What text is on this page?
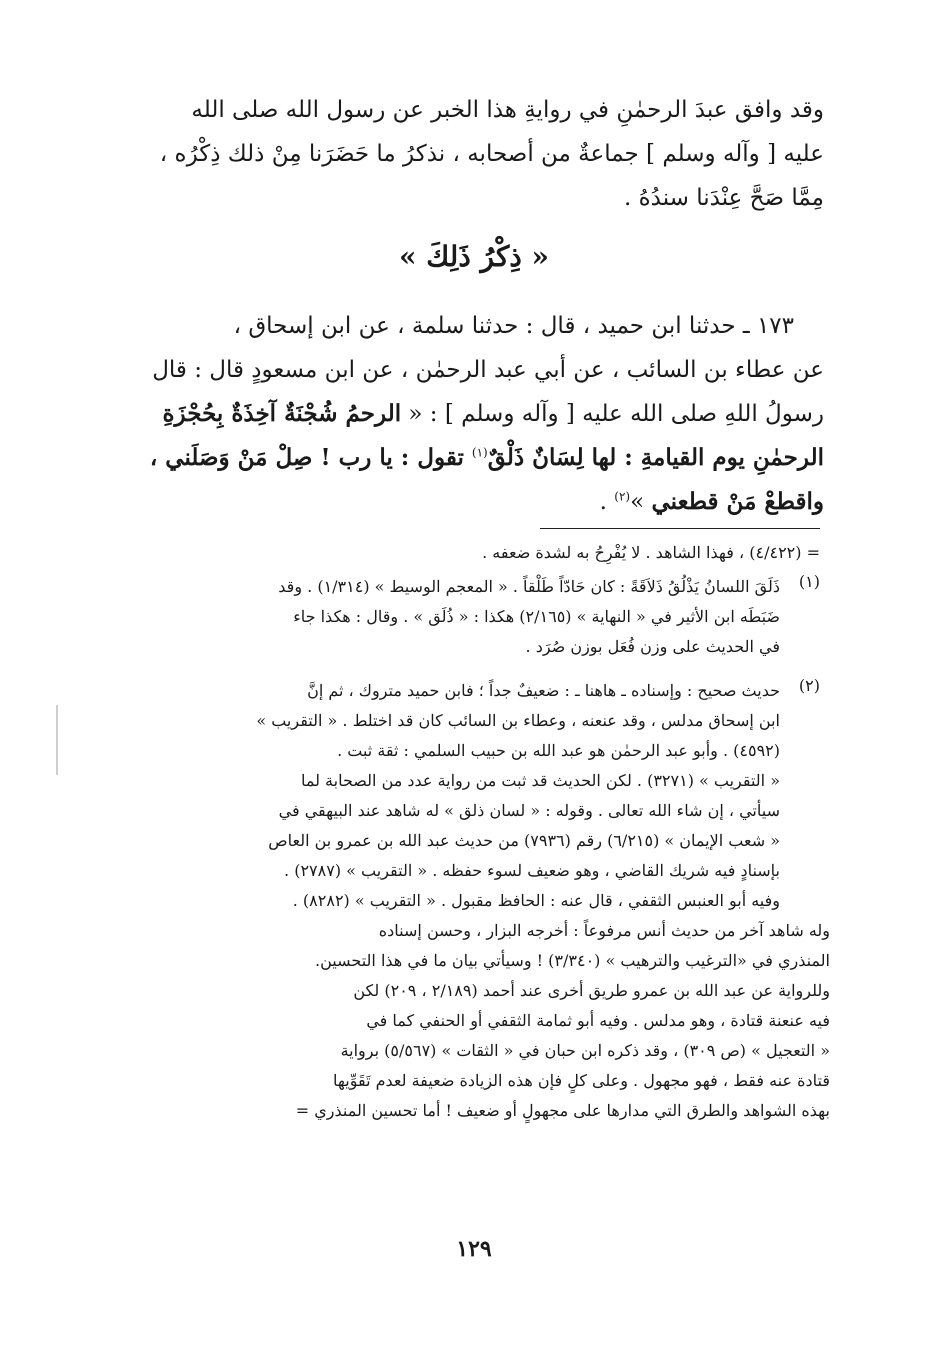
وقد وافق عبدَ الرحمٰنِ في روايةِ هذا الخبر عن رسول الله صلى الله
عليه [ وآله وسلم ] جماعةٌ من أصحابه ، نذكرُ ما حَضَرَنا مِنْ ذلك ذِكْرُه ،
مِمَّا صَحَّ عِنْدَنا سندُهُ .
« ذِكْرُ ذَلِكَ »
١٧٣ ـ حدثنا ابن حميد ، قال : حدثنا سلمة ، عن ابن إسحاق ،
عن عطاء بن السائب ، عن أبي عبد الرحمٰن ، عن ابن مسعودٍ قال : قال
رسولُ اللهِ صلى الله عليه [ وآله وسلم ] : « الرحمُ شُجْنَةٌ آخِذَةٌ بِحُجْزَةِ
الرحمٰنِ يوم القيامةِ : لها لِسَانٌ ذَلْقٌ$^{(١)}$ تقول : يا رب ! صِلْ مَنْ وَصَلَني ،
واقطعْ مَنْ قطعني »$^{(٢)}$ .
= (٤/٤٢٢) ، فهذا الشاهد . لا يُفْرِحُ به لشدة ضعفه .
(١)
ذَلَقَ اللسانُ يَذْلُقُ ذَلاَقَةً : كان حَادّاً طَلْقاً . « المعجم الوسيط » (١/٣١٤) . وقد
ضَبَطَه ابن الأثير في « النهاية » (٢/١٦٥) هكذا : « ذُلَق » . وقال : هكذا جاء
في الحديث على وزن فُعَل بوزن صُرَد .
(٢)
حديث صحيح : وإسناده ـ هاهنا ـ : ضعيفٌ جداً ؛ فابن حميد متروك ، ثم إنَّ
ابن إسحاق مدلس ، وقد عنعنه ، وعطاء بن السائب كان قد اختلط . « التقريب »
(٤٥٩٢) . وأبو عبد الرحمٰن هو عبد الله بن حبيب السلمي : ثقة ثبت .
« التقريب » (٣٢٧١) . لكن الحديث قد ثبت من رواية عدد من الصحابة لما
سيأتي ، إن شاء الله تعالى . وقوله : « لسان ذلق » له شاهد عند البيهقي في
« شعب الإيمان » (٦/٢١٥) رقم (٧٩٣٦) من حديث عبد الله بن عمرو بن العاص
بإسنادٍ فيه شريك القاضي ، وهو ضعيف لسوء حفظه . « التقريب » (٢٧٨٧) .
وفيه أبو العنبس الثقفي ، قال عنه : الحافظ مقبول . « التقريب » (٨٢٨٢) .
وله شاهد آخر من حديث أنس مرفوعاً : أخرجه البزار ، وحسن إسناده
المنذري في «الترغيب والترهيب » (٣/٣٤٠) ! وسيأتي بيان ما في هذا التحسين.
وللرواية عن عبد الله بن عمرو طريق أخرى عند أحمد (٢/١٨٩ ، ٢٠٩) لكن
فيه عنعنة قتادة ، وهو مدلس . وفيه أبو ثمامة الثقفي أو الحنفي كما في
« التعجيل » (ص ٣٠٩) ، وقد ذكره ابن حبان في « الثقات » (٥/٥٦٧) برواية
قتادة عنه فقط ، فهو مجهول . وعلى كلٍ فإن هذه الزيادة ضعيفة لعدم تَقَوِّيها
بهذه الشواهد والطرق التي مدارها على مجهولٍ أو ضعيف ! أما تحسين المنذري =
١٢٩
